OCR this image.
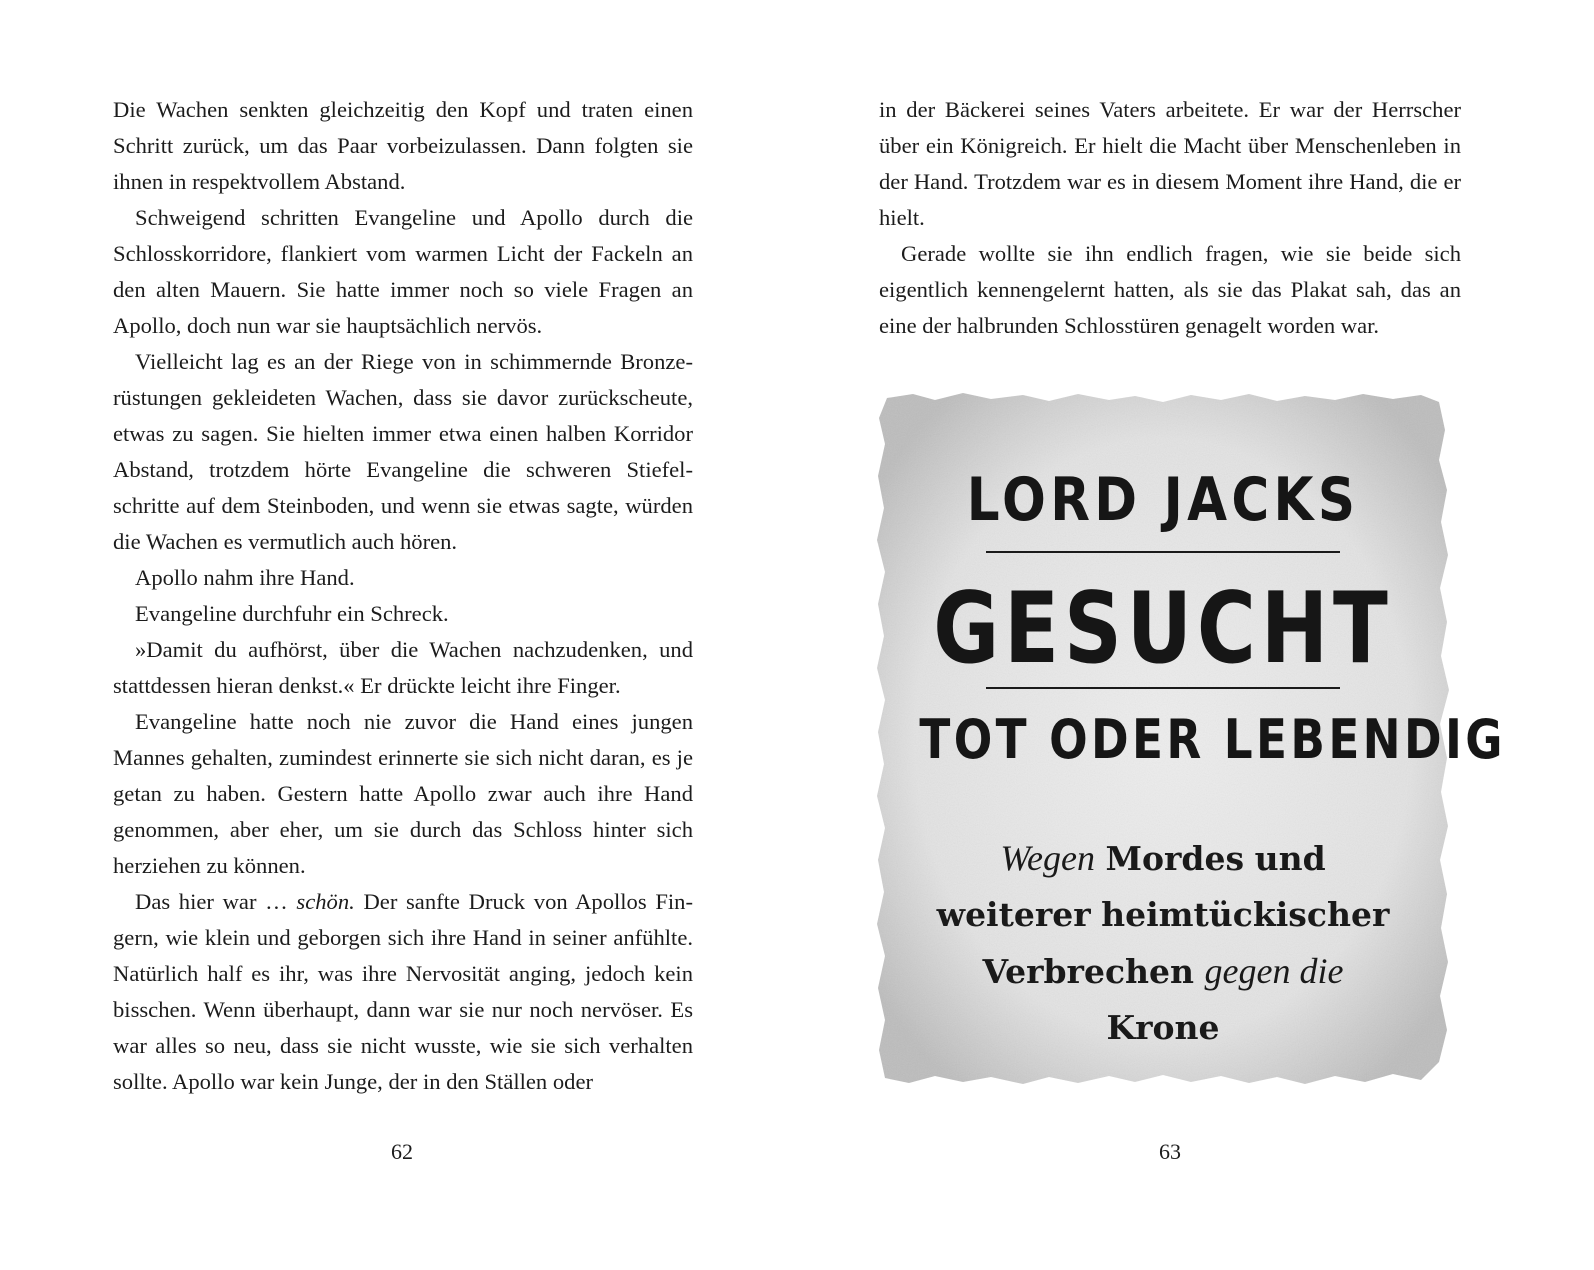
Die Wachen senkten gleichzeitig den Kopf und traten einen Schritt zurück, um das Paar vorbeizulassen. Dann folgten sie ihnen in respektvollem Abstand.

Schweigend schritten Evangeline und Apollo durch die Schlosskorridore, flankiert vom warmen Licht der Fackeln an den alten Mauern. Sie hatte immer noch so viele Fragen an Apollo, doch nun war sie hauptsächlich nervös.

Vielleicht lag es an der Riege von in schimmernde Bronzerüstungen gekleideten Wachen, dass sie davor zurückscheute, etwas zu sagen. Sie hielten immer etwa einen halben Korridor Abstand, trotzdem hörte Evangeline die schweren Stiefelschritte auf dem Steinboden, und wenn sie etwas sagte, würden die Wachen es vermutlich auch hören.

Apollo nahm ihre Hand.

Evangeline durchfuhr ein Schreck.

»Damit du aufhörst, über die Wachen nachzudenken, und stattdessen hieran denkst.« Er drückte leicht ihre Finger.

Evangeline hatte noch nie zuvor die Hand eines jungen Mannes gehalten, zumindest erinnerte sie sich nicht daran, es je getan zu haben. Gestern hatte Apollo zwar auch ihre Hand genommen, aber eher, um sie durch das Schloss hinter sich herziehen zu können.

Das hier war … schön. Der sanfte Druck von Apollos Fingern, wie klein und geborgen sich ihre Hand in seiner anfühlte. Natürlich half es ihr, was ihre Nervosität anging, jedoch kein bisschen. Wenn überhaupt, dann war sie nur noch nervöser. Es war alles so neu, dass sie nicht wusste, wie sie sich verhalten sollte. Apollo war kein Junge, der in den Ställen oder

62

in der Bäckerei seines Vaters arbeitete. Er war der Herrscher über ein Königreich. Er hielt die Macht über Menschenleben in der Hand. Trotzdem war es in diesem Moment ihre Hand, die er hielt.

Gerade wollte sie ihn endlich fragen, wie sie beide sich eigentlich kennengelernt hatten, als sie das Plakat sah, das an eine der halbrunden Schlosstüren genagelt worden war.

LORD JACKS
GESUCHT
TOT ODER LEBENDIG
Wegen Mordes und
weiterer heimtückischer
Verbrechen gegen die
Krone
63
